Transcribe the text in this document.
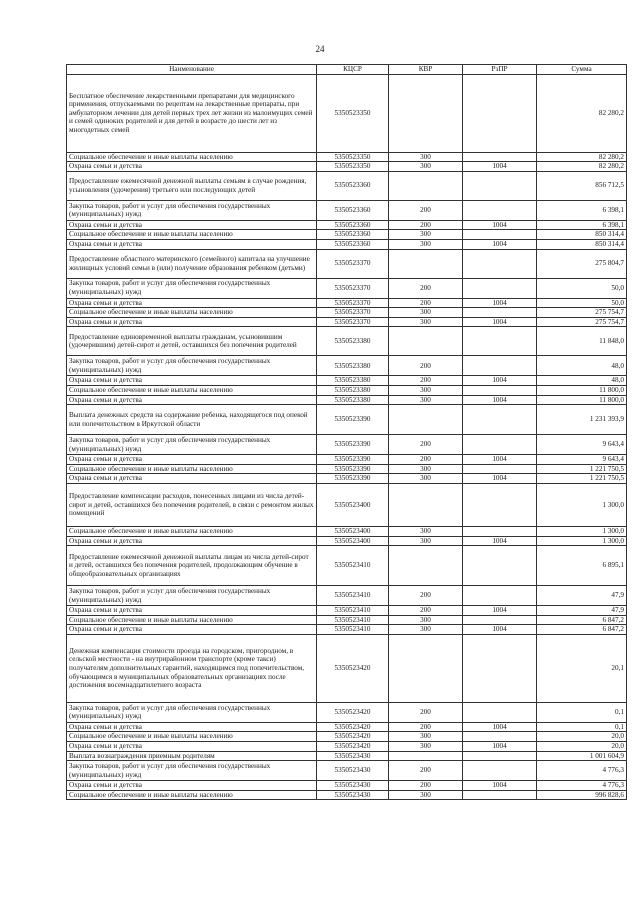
24
Наименование	КЦСР	КВР	РзПР	Сумма
Бесплатное обеспечение лекарственными препаратами для медицинского применения, отпускаемыми по рецептам на лекарственные препараты, при амбулаторном лечении для детей первых трех лет жизни из малоимущих семей и семей одиноких родителей и для детей в возрасте до шести лет из многодетных семей	5350523350			82 280,2
Социальное обеспечение и иные выплаты населению	5350523350	300		82 280,2
Охрана семьи и детства	5350523350	300	1004	82 280,2
Предоставление ежемесячной денежной выплаты семьям в случае рождения, усыновления (удочерения) третьего или последующих детей	5350523360			856 712,5
Закупка товаров, работ и услуг для обеспечения государственных (муниципальных) нужд	5350523360	200		6 398,1
Охрана семьи и детства	5350523360	200	1004	6 398,1
Социальное обеспечение и иные выплаты населению	5350523360	300		850 314,4
Охрана семьи и детства	5350523360	300	1004	850 314,4
Предоставление областного материнского (семейного) капитала на улучшение жилищных условий семьи в (или) получение образования ребенком (детьми)	5350523370			275 804,7
Закупка товаров, работ и услуг для обеспечения государственных (муниципальных) нужд	5350523370	200		50,0
Охрана семьи и детства	5350523370	200	1004	50,0
Социальное обеспечение и иные выплаты населению	5350523370	300		275 754,7
Охрана семьи и детства	5350523370	300	1004	275 754,7
Предоставление единовременной выплаты гражданам, усыновившим (удочерившим) детей-сирот и детей, оставшихся без попечения родителей	5350523380			11 848,0
Закупка товаров, работ и услуг для обеспечения государственных (муниципальных) нужд	5350523380	200		48,0
Охрана семьи и детства	5350523380	200	1004	48,0
Социальное обеспечение и иные выплаты населению	5350523380	300		11 800,0
Охрана семьи и детства	5350523380	300	1004	11 800,0
Выплата денежных средств на содержание ребенка, находящегося под опекой или попечительством в Иркутской области	5350523390			1 231 393,9
Закупка товаров, работ и услуг для обеспечения государственных (муниципальных) нужд	5350523390	200		9 643,4
Охрана семьи и детства	5350523390	200	1004	9 643,4
Социальное обеспечение и иные выплаты населению	5350523390	300		1 221 750,5
Охрана семьи и детства	5350523390	300	1004	1 221 750,5
Предоставление компенсации расходов, понесенных лицами из числа детей-сирот и детей, оставшихся без попечения родителей, в связи с ремонтом жилых помещений	5350523400			1 300,0
Социальное обеспечение и иные выплаты населению	5350523400	300		1 300,0
Охрана семьи и детства	5350523400	300	1004	1 300,0
Предоставление ежемесячной денежной выплаты лицам из числа детей-сирот и детей, оставшихся без попечения родителей, продолжающим обучение в общеобразовательных организациях	5350523410			6 895,1
Закупка товаров, работ и услуг для обеспечения государственных (муниципальных) нужд	5350523410	200		47,9
Охрана семьи и детства	5350523410	200	1004	47,9
Социальное обеспечение и иные выплаты населению	5350523410	300		6 847,2
Охрана семьи и детства	5350523410	300	1004	6 847,2
Денежная компенсация стоимости проезда на городском, пригородном, в сельской местности - на внутрирайонном транспорте (кроме такси) получателям дополнительных гарантий, находящимся под попечительством, обучающимся в муниципальных образовательных организациях после достижения восемнадцатилетнего возраста	5350523420			20,1
Закупка товаров, работ и услуг для обеспечения государственных (муниципальных) нужд	5350523420	200		0,1
Охрана семьи и детства	5350523420	200	1004	0,1
Социальное обеспечение и иные выплаты населению	5350523420	300		20,0
Охрана семьи и детства	5350523420	300	1004	20,0
Выплата вознаграждения приемным родителям	5350523430			1 001 604,9
Закупка товаров, работ и услуг для обеспечения государственных (муниципальных) нужд	5350523430	200		4 776,3
Охрана семьи и детства	5350523430	200	1004	4 776,3
Социальное обеспечение и иные выплаты населению	5350523430	300		996 828,6
